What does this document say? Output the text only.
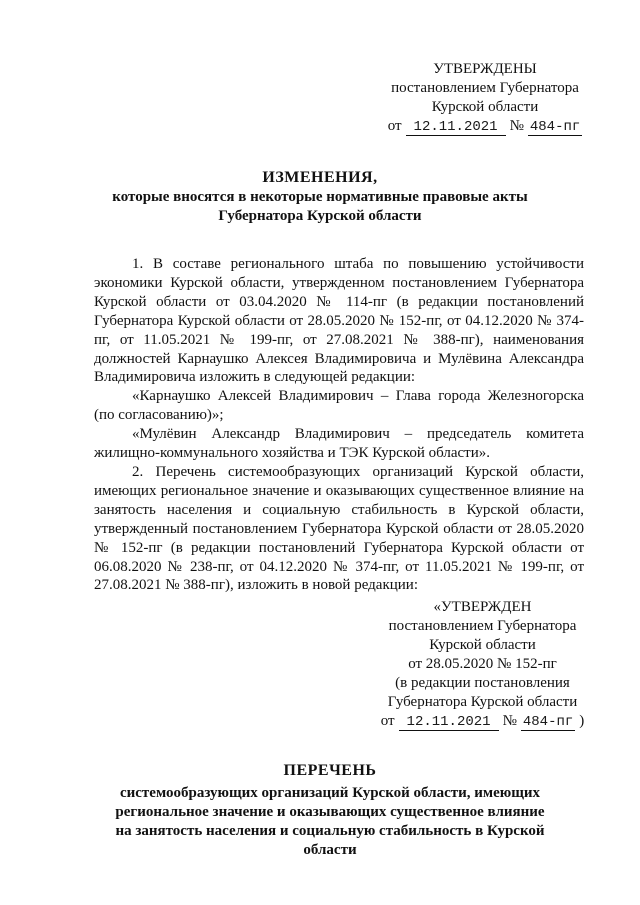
УТВЕРЖДЕНЫ
постановлением Губернатора
Курской области
от 12.11.2021 № 484-пг
ИЗМЕНЕНИЯ,
которые вносятся в некоторые нормативные правовые акты
Губернатора Курской области

1. В составе регионального штаба по повышению устойчивости экономики Курской области, утвержденном постановлением Губернатора Курской области от 03.04.2020 № 114-пг (в редакции постановлений Губернатора Курской области от 28.05.2020 № 152-пг, от 04.12.2020 № 374-пг, от 11.05.2021 № 199-пг, от 27.08.2021 № 388-пг), наименования должностей Карнаушко Алексея Владимировича и Мулёвина Александра Владимировича изложить в следующей редакции:

«Карнаушко Алексей Владимирович – Глава города Железногорска (по согласованию)»;

«Мулёвин Александр Владимирович – председатель комитета жилищно-коммунального хозяйства и ТЭК Курской области».

2. Перечень системообразующих организаций Курской области, имеющих региональное значение и оказывающих существенное влияние на занятость населения и социальную стабильность в Курской области, утвержденный постановлением Губернатора Курской области от 28.05.2020 № 152-пг (в редакции постановлений Губернатора Курской области от 06.08.2020 № 238-пг, от 04.12.2020 № 374-пг, от 11.05.2021 № 199-пг, от 27.08.2021 № 388-пг), изложить в новой редакции:

«УТВЕРЖДЕН
постановлением Губернатора
Курской области
от 28.05.2020 № 152-пг
(в редакции постановления
Губернатора Курской области
от 12.11.2021 № 484-пг )
ПЕРЕЧЕНЬ
системообразующих организаций Курской области, имеющих региональное значение и оказывающих существенное влияние на занятость населения и социальную стабильность в Курской области
